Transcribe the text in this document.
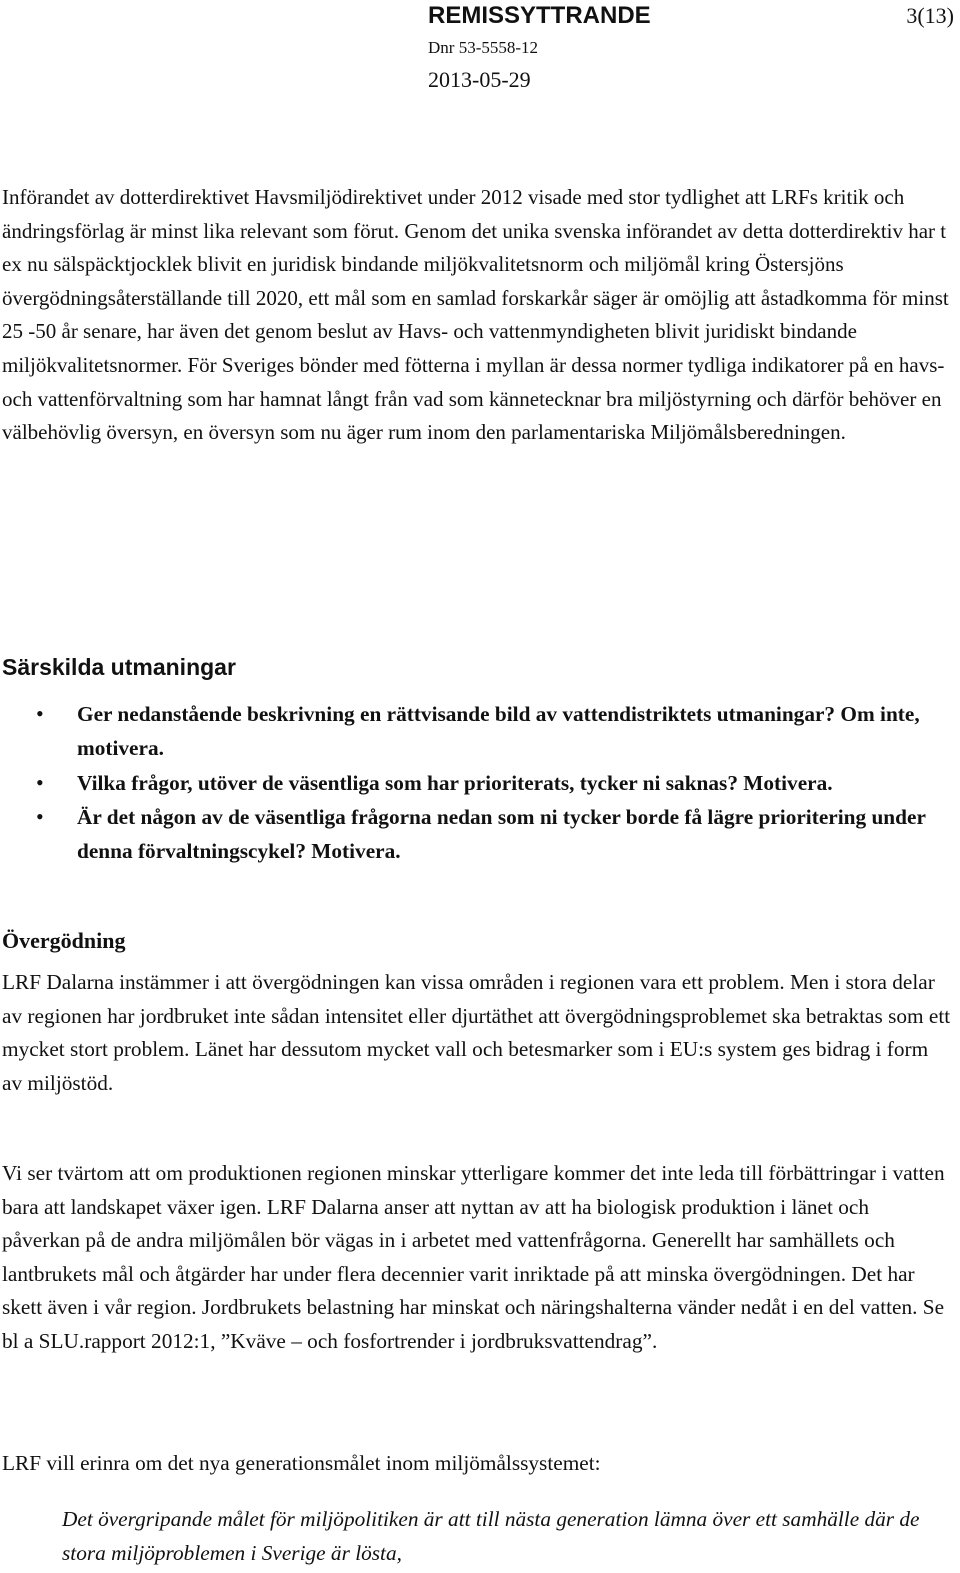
REMISSYTTRANDE	3(13)
Dnr 53-5558-12
2013-05-29

Införandet av dotterdirektivet Havsmiljödirektivet under 2012 visade med stor tydlighet att LRFs kritik och ändringsförlag är minst lika relevant som förut. Genom det unika svenska införandet av detta dotterdirektiv har t ex nu sälspäcktjocklek blivit en juridisk bindande miljökvalitetsnorm och miljömål kring Östersjöns övergödningsåterställande till 2020, ett mål som en samlad forskarkår säger är omöjlig att åstadkomma för minst 25 -50 år senare, har även det genom beslut av Havs- och vattenmyndigheten blivit juridiskt bindande miljökvalitetsnormer. För Sveriges bönder med fötterna i myllan är dessa normer tydliga indikatorer på en havs- och vattenförvaltning som har hamnat långt från vad som kännetecknar bra miljöstyrning och därför behöver en välbehövlig översyn, en översyn som nu äger rum inom den parlamentariska Miljömålsberedningen.

Särskilda utmaningar
• Ger nedanstående beskrivning en rättvisande bild av vattendistriktets utmaningar? Om inte, motivera.
• Vilka frågor, utöver de väsentliga som har prioriterats, tycker ni saknas? Motivera.
• Är det någon av de väsentliga frågorna nedan som ni tycker borde få lägre prioritering under denna förvaltningscykel? Motivera.
Övergödning

LRF Dalarna instämmer i att övergödningen kan vissa områden i regionen vara ett problem. Men i stora delar av regionen har jordbruket inte sådan intensitet eller djurtäthet att övergödningsproblemet ska betraktas som ett mycket stort problem. Länet har dessutom mycket vall och betesmarker som i EU:s system ges bidrag i form av miljöstöd.

Vi ser tvärtom att om produktionen regionen minskar ytterligare kommer det inte leda till förbättringar i vatten bara att landskapet växer igen. LRF Dalarna anser att nyttan av att ha biologisk produktion i länet och påverkan på de andra miljömålen bör vägas in i arbetet med vattenfrågorna. Generellt har samhällets och lantbrukets mål och åtgärder har under flera decennier varit inriktade på att minska övergödningen. Det har skett även i vår region. Jordbrukets belastning har minskat och näringshalterna vänder nedåt i en del vatten. Se bl a SLU.rapport 2012:1, ”Kväve – och fosfortrender i jordbruksvattendrag”.

LRF vill erinra om det nya generationsmålet inom miljömålssystemet:

Det övergripande målet för miljöpolitiken är att till nästa generation lämna över ett samhälle där de stora miljöproblemen i Sverige är lösta,
